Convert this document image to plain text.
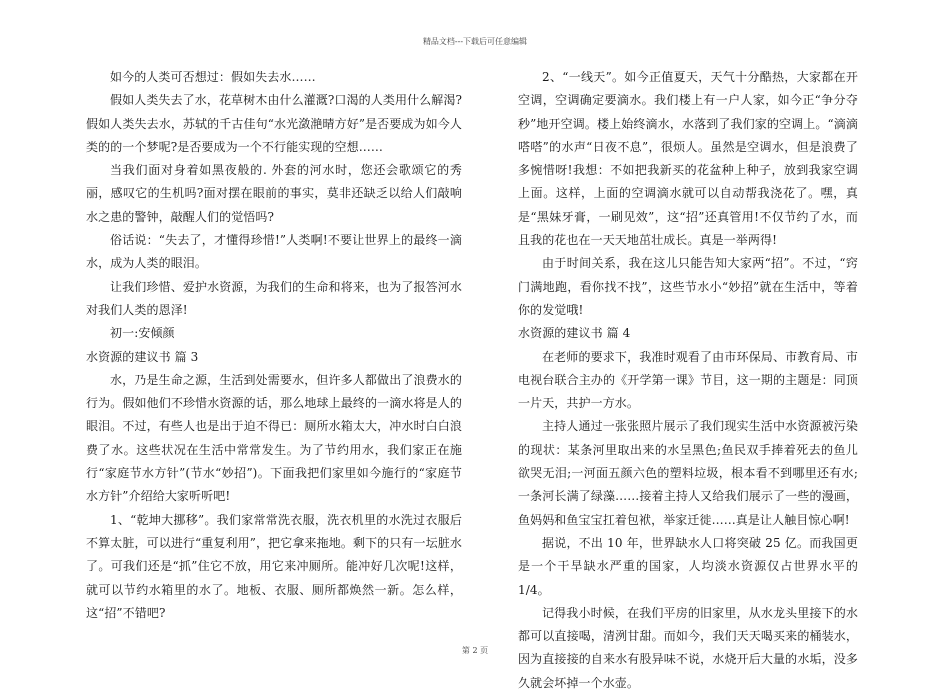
精品文档---下载后可任意编辑

如今的人类可否想过：假如失去水……

假如人类失去了水，花草树木由什么灌溉?口渴的人类用什么解渴?假如人类失去水，苏轼的千古佳句“水光潋滟晴方好”是否要成为如今人类的的一个梦呢?是否要成为一个不行能实现的空想……

当我们面对身着如黑夜般的. 外套的河水时，您还会歌颂它的秀丽，感叹它的生机吗?面对摆在眼前的事实，莫非还缺乏以给人们敲响水之患的警钟，敲醒人们的觉悟吗?

俗话说：“失去了，才懂得珍惜!”人类啊!不要让世界上的最终一滴水，成为人类的眼泪。

让我们珍惜、爱护水资源，为我们的生命和将来，也为了报答河水对我们人类的恩泽!

初一:安倾颜

水资源的建议书 篇 3

水，乃是生命之源，生活到处需要水，但许多人都做出了浪费水的行为。假如他们不珍惜水资源的话，那么地球上最终的一滴水将是人的眼泪。不过，有些人也是出于迫不得已：厕所水箱太大，冲水时白白浪费了水。这些状况在生活中常常发生。为了节约用水，我们家正在施行“家庭节水方针”(节水“妙招”)。下面我把们家里如今施行的“家庭节水方针”介绍给大家听听吧!

1、“乾坤大挪移”。我们家常常洗衣服，洗衣机里的水洗过衣服后不算太脏，可以进行“重复利用”，把它拿来拖地。剩下的只有一坛脏水了。可我们还是“抓”住它不放，用它来冲厕所。能冲好几次呢!这样，就可以节约水箱里的水了。地板、衣服、厕所都焕然一新。怎么样，这“招”不错吧?

2、“一线天”。如今正值夏天，天气十分酷热，大家都在开空调，空调确定要滴水。我们楼上有一户人家，如今正“争分夺秒”地开空调。楼上始终滴水，水落到了我们家的空调上。“滴滴嗒嗒”的水声“日夜不息”，很烦人。虽然是空调水，但是浪费了多惋惜呀!我想：不如把我新买的花盆种上种子，放到我家空调上面。这样，上面的空调滴水就可以自动帮我浇花了。嘿，真是“黑妹牙膏，一刷见效”，这“招”还真管用!不仅节约了水，而且我的花也在一天天地茁壮成长。真是一举两得!

由于时间关系，我在这儿只能告知大家两“招”。不过，“窍门满地跑，看你找不找”，这些节水小“妙招”就在生活中，等着你的发觉哦!

水资源的建议书 篇 4

在老师的要求下，我准时观看了由市环保局、市教育局、市电视台联合主办的《开学第一课》节目，这一期的主题是：同顶一片天，共护一方水。

主持人通过一张张照片展示了我们现实生活中水资源被污染的现状：某条河里取出来的水呈黑色;鱼民双手捧着死去的鱼儿欲哭无泪;一河面五颜六色的塑料垃圾，根本看不到哪里还有水;一条河长满了绿藻……接着主持人又给我们展示了一些的漫画，鱼妈妈和鱼宝宝扛着包袱，举家迁徙……真是让人触目惊心啊!

据说，不出 10 年，世界缺水人口将突破 25 亿。而我国更是一个干旱缺水严重的国家，人均淡水资源仅占世界水平的 1/4。

记得我小时候，在我们平房的旧家里，从水龙头里接下的水都可以直接喝，清洌甘甜。而如今，我们天天喝买来的桶装水，因为直接接的自来水有股异味不说，水烧开后大量的水垢，没多久就会坏掉一个水壶。

第 2 页
